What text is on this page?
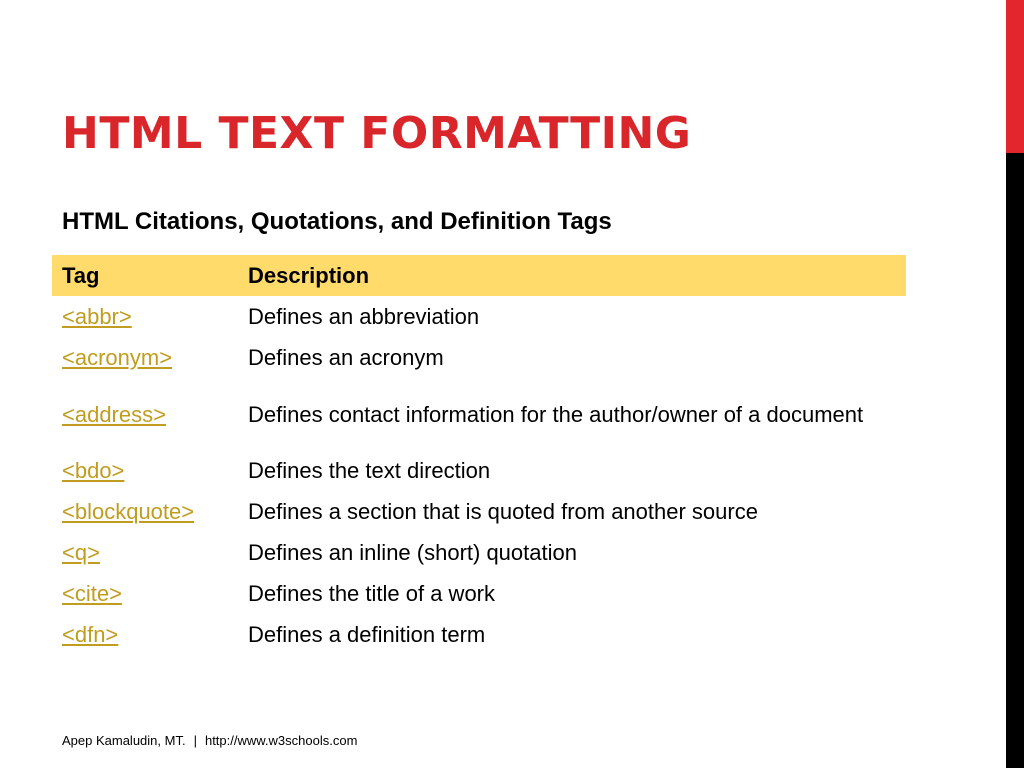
HTML TEXT FORMATTING
HTML Citations, Quotations, and Definition Tags
Tag	Description
<abbr>	Defines an abbreviation
<acronym>	Defines an acronym
<address>	Defines contact information for the author/owner of a document
<bdo>	Defines the text direction
<blockquote>	Defines a section that is quoted from another source
<q>	Defines an inline (short) quotation
<cite>	Defines the title of a work
<dfn>	Defines a definition term
Apep Kamaludin, MT. | http://www.w3schools.com
